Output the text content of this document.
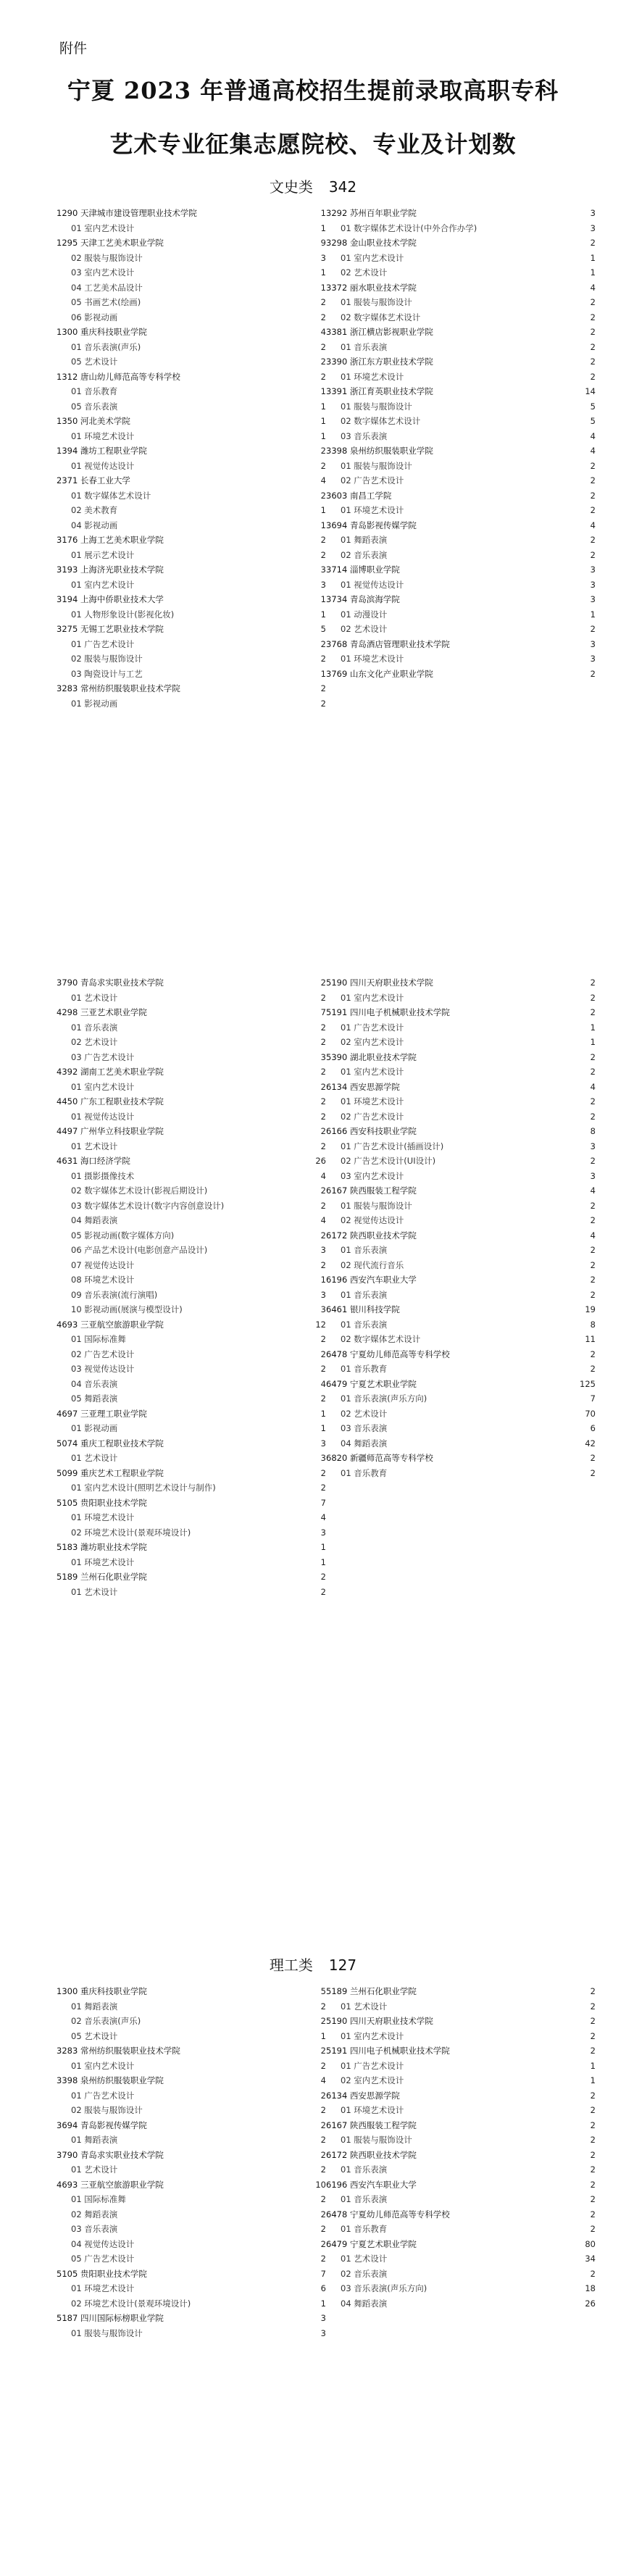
附件
宁夏 2023 年普通高校招生提前录取高职专科
艺术专业征集志愿院校、专业及计划数
文史类 342
1290 天津城市建设管理职业技术学院	1
01 室内艺术设计	1
1295 天津工艺美术职业学院	9
02 服装与服饰设计	3
03 室内艺术设计	1
04 工艺美术品设计	1
05 书画艺术(绘画)	2
06 影视动画	2
1300 重庆科技职业学院	4
01 音乐表演(声乐)	2
05 艺术设计	2
1312 唐山幼儿师范高等专科学校	2
01 音乐教育	1
05 音乐表演	1
1350 河北美术学院	1
01 环境艺术设计	1
1394 潍坊工程职业学院	2
01 视觉传达设计	2
2371 长春工业大学	4
01 数字媒体艺术设计	2
02 美术教育	1
04 影视动画	1
3176 上海工艺美术职业学院	2
01 展示艺术设计	2
3193 上海济光职业技术学院	3
01 室内艺术设计	3
3194 上海中侨职业技术大学	1
01 人物形象设计(影视化妆)	1
3275 无锡工艺职业技术学院	5
01 广告艺术设计	2
02 服装与服饰设计	2
03 陶瓷设计与工艺	1
3283 常州纺织服装职业技术学院	2
01 影视动画	2
3292 苏州百年职业学院	3
01 数字媒体艺术设计(中外合作办学)	3
3298 金山职业技术学院	2
01 室内艺术设计	1
02 艺术设计	1
3372 丽水职业技术学院	4
01 服装与服饰设计	2
02 数字媒体艺术设计	2
3381 浙江横店影视职业学院	2
01 音乐表演	2
3390 浙江东方职业技术学院	2
01 环境艺术设计	2
3391 浙江育英职业技术学院	14
01 服装与服饰设计	5
02 数字媒体艺术设计	5
03 音乐表演	4
3398 泉州纺织服装职业学院	4
01 服装与服饰设计	2
02 广告艺术设计	2
3603 南昌工学院	2
01 环境艺术设计	2
3694 青岛影视传媒学院	4
01 舞蹈表演	2
02 音乐表演	2
3714 淄博职业学院	3
01 视觉传达设计	3
3734 青岛滨海学院	3
01 动漫设计	1
02 艺术设计	2
3768 青岛酒店管理职业技术学院	3
01 环境艺术设计	3
3769 山东文化产业职业学院	2
3790 青岛求实职业技术学院	2
01 艺术设计	2
4298 三亚艺术职业学院	7
01 音乐表演	2
02 艺术设计	2
03 广告艺术设计	3
4392 湖南工艺美术职业学院	2
01 室内艺术设计	2
4450 广东工程职业技术学院	2
01 视觉传达设计	2
4497 广州华立科技职业学院	2
01 艺术设计	2
4631 海口经济学院	26
01 摄影摄像技术	4
02 数字媒体艺术设计(影视后期设计)	2
03 数字媒体艺术设计(数字内容创意设计)	2
04 舞蹈表演	4
05 影视动画(数字媒体方向)	2
06 产品艺术设计(电影创意产品设计)	3
07 视觉传达设计	2
08 环境艺术设计	1
09 音乐表演(流行演唱)	3
10 影视动画(展演与模型设计)	3
4693 三亚航空旅游职业学院	12
01 国际标准舞	2
02 广告艺术设计	2
03 视觉传达设计	2
04 音乐表演	4
05 舞蹈表演	2
4697 三亚理工职业学院	1
01 影视动画	1
5074 重庆工程职业技术学院	3
01 艺术设计	3
5099 重庆艺术工程职业学院	2
01 室内艺术设计(照明艺术设计与制作)	2
5105 贵阳职业技术学院	7
01 环境艺术设计	4
02 环境艺术设计(景观环境设计)	3
5183 潍坊职业技术学院	1
01 环境艺术设计	1
5189 兰州石化职业学院	2
01 艺术设计	2
5190 四川天府职业技术学院	2
01 室内艺术设计	2
5191 四川电子机械职业技术学院	2
01 广告艺术设计	1
02 室内艺术设计	1
5390 湖北职业技术学院	2
01 室内艺术设计	2
6134 西安思源学院	4
01 环境艺术设计	2
02 广告艺术设计	2
6166 西安科技职业学院	8
01 广告艺术设计(插画设计)	3
02 广告艺术设计(UI设计)	2
03 室内艺术设计	3
6167 陕西服装工程学院	4
01 服装与服饰设计	2
02 视觉传达设计	2
6172 陕西职业技术学院	4
01 音乐表演	2
02 现代流行音乐	2
6196 西安汽车职业大学	2
01 音乐表演	2
6461 银川科技学院	19
01 音乐表演	8
02 数字媒体艺术设计	11
6478 宁夏幼儿师范高等专科学校	2
01 音乐教育	2
6479 宁夏艺术职业学院	125
01 音乐表演(声乐方向)	7
02 艺术设计	70
03 音乐表演	6
04 舞蹈表演	42
6820 新疆师范高等专科学校	2
01 音乐教育	2
理工类 127
1300 重庆科技职业学院	5
01 舞蹈表演	2
02 音乐表演(声乐)	2
05 艺术设计	1
3283 常州纺织服装职业技术学院	2
01 室内艺术设计	2
3398 泉州纺织服装职业学院	4
01 广告艺术设计	2
02 服装与服饰设计	2
3694 青岛影视传媒学院	2
01 舞蹈表演	2
3790 青岛求实职业技术学院	2
01 艺术设计	2
4693 三亚航空旅游职业学院	10
01 国际标准舞	2
02 舞蹈表演	2
03 音乐表演	2
04 视觉传达设计	2
05 广告艺术设计	2
5105 贵阳职业技术学院	7
01 环境艺术设计	6
02 环境艺术设计(景观环境设计)	1
5187 四川国际标榜职业学院	3
01 服装与服饰设计	3
5189 兰州石化职业学院	2
01 艺术设计	2
5190 四川天府职业技术学院	2
01 室内艺术设计	2
5191 四川电子机械职业技术学院	2
01 广告艺术设计	1
02 室内艺术设计	1
6134 西安思源学院	2
01 环境艺术设计	2
6167 陕西服装工程学院	2
01 服装与服饰设计	2
6172 陕西职业技术学院	2
01 音乐表演	2
6196 西安汽车职业大学	2
01 音乐表演	2
6478 宁夏幼儿师范高等专科学校	2
01 音乐教育	2
6479 宁夏艺术职业学院	80
01 艺术设计	34
02 音乐表演	2
03 音乐表演(声乐方向)	18
04 舞蹈表演	26
